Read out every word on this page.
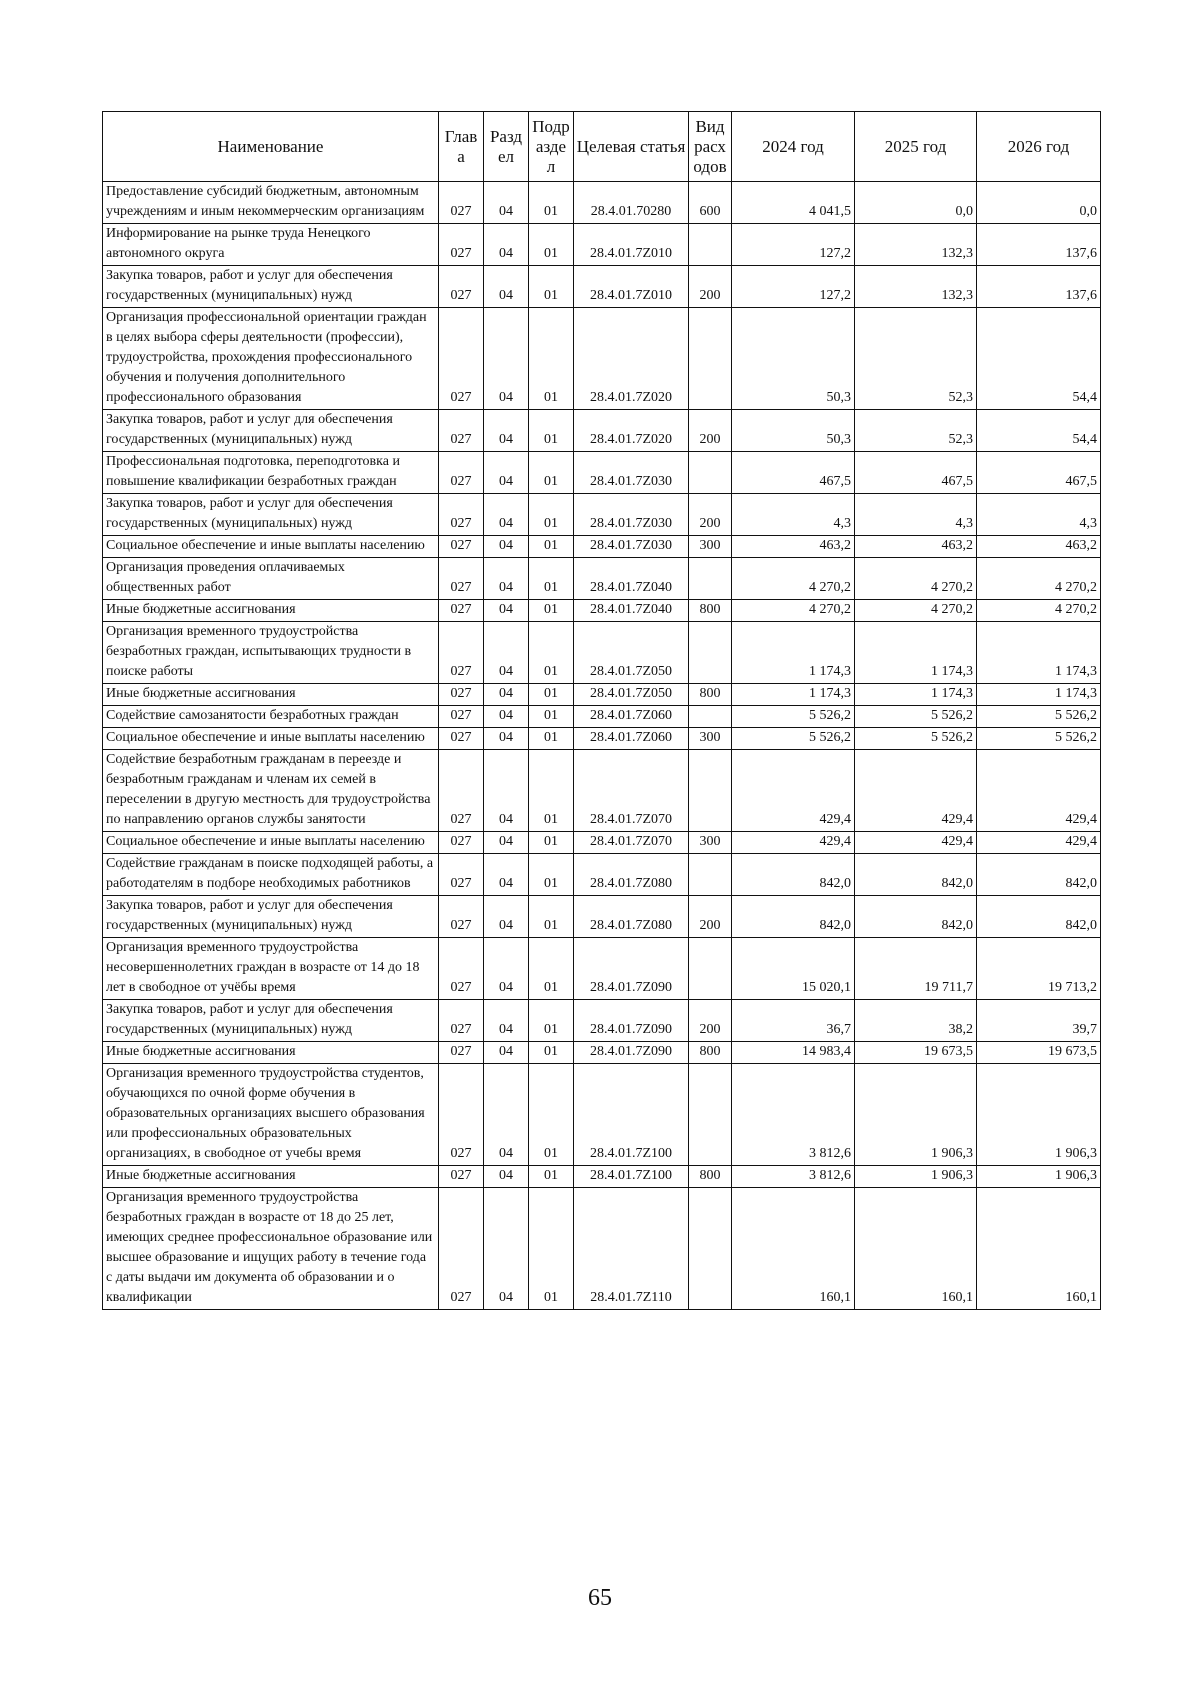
Наименование	Глав а	Разд ел	Подр азде л	Целевая статья	Вид расх одов	2024 год	2025 год	2026 год
Предоставление субсидий бюджетным, автономным учреждениям и иным некоммерческим организациям	027	04	01	28.4.01.70280	600	4 041,5	0,0	0,0
Информирование на рынке труда Ненецкого автономного округа	027	04	01	28.4.01.7Z010		127,2	132,3	137,6
Закупка товаров, работ и услуг для обеспечения государственных (муниципальных) нужд	027	04	01	28.4.01.7Z010	200	127,2	132,3	137,6
Организация профессиональной ориентации граждан в целях выбора сферы деятельности (профессии), трудоустройства, прохождения профессионального обучения и получения дополнительного профессионального образования	027	04	01	28.4.01.7Z020		50,3	52,3	54,4
Закупка товаров, работ и услуг для обеспечения государственных (муниципальных) нужд	027	04	01	28.4.01.7Z020	200	50,3	52,3	54,4
Профессиональная подготовка, переподготовка и повышение квалификации безработных граждан	027	04	01	28.4.01.7Z030		467,5	467,5	467,5
Закупка товаров, работ и услуг для обеспечения государственных (муниципальных) нужд	027	04	01	28.4.01.7Z030	200	4,3	4,3	4,3
Социальное обеспечение и иные выплаты населению	027	04	01	28.4.01.7Z030	300	463,2	463,2	463,2
Организация проведения оплачиваемых общественных работ	027	04	01	28.4.01.7Z040		4 270,2	4 270,2	4 270,2
Иные бюджетные ассигнования	027	04	01	28.4.01.7Z040	800	4 270,2	4 270,2	4 270,2
Организация временного трудоустройства безработных граждан, испытывающих трудности в поиске работы	027	04	01	28.4.01.7Z050		1 174,3	1 174,3	1 174,3
Иные бюджетные ассигнования	027	04	01	28.4.01.7Z050	800	1 174,3	1 174,3	1 174,3
Содействие самозанятости безработных граждан	027	04	01	28.4.01.7Z060		5 526,2	5 526,2	5 526,2
Социальное обеспечение и иные выплаты населению	027	04	01	28.4.01.7Z060	300	5 526,2	5 526,2	5 526,2
Содействие безработным гражданам в переезде и безработным гражданам и членам их семей в переселении в другую местность для трудоустройства по направлению органов службы занятости	027	04	01	28.4.01.7Z070		429,4	429,4	429,4
Социальное обеспечение и иные выплаты населению	027	04	01	28.4.01.7Z070	300	429,4	429,4	429,4
Содействие гражданам в поиске подходящей работы, а работодателям в подборе необходимых работников	027	04	01	28.4.01.7Z080		842,0	842,0	842,0
Закупка товаров, работ и услуг для обеспечения государственных (муниципальных) нужд	027	04	01	28.4.01.7Z080	200	842,0	842,0	842,0
Организация временного трудоустройства несовершеннолетних граждан в возрасте от 14 до 18 лет в свободное от учёбы время	027	04	01	28.4.01.7Z090		15 020,1	19 711,7	19 713,2
Закупка товаров, работ и услуг для обеспечения государственных (муниципальных) нужд	027	04	01	28.4.01.7Z090	200	36,7	38,2	39,7
Иные бюджетные ассигнования	027	04	01	28.4.01.7Z090	800	14 983,4	19 673,5	19 673,5
Организация временного трудоустройства студентов, обучающихся по очной форме обучения в образовательных организациях высшего образования или профессиональных образовательных организациях, в свободное от учебы время	027	04	01	28.4.01.7Z100		3 812,6	1 906,3	1 906,3
Иные бюджетные ассигнования	027	04	01	28.4.01.7Z100	800	3 812,6	1 906,3	1 906,3
Организация временного трудоустройства безработных граждан в возрасте от 18 до 25 лет, имеющих среднее профессиональное образование или высшее образование и ищущих работу в течение года с даты выдачи им документа об образовании и о квалификации	027	04	01	28.4.01.7Z110		160,1	160,1	160,1
65
